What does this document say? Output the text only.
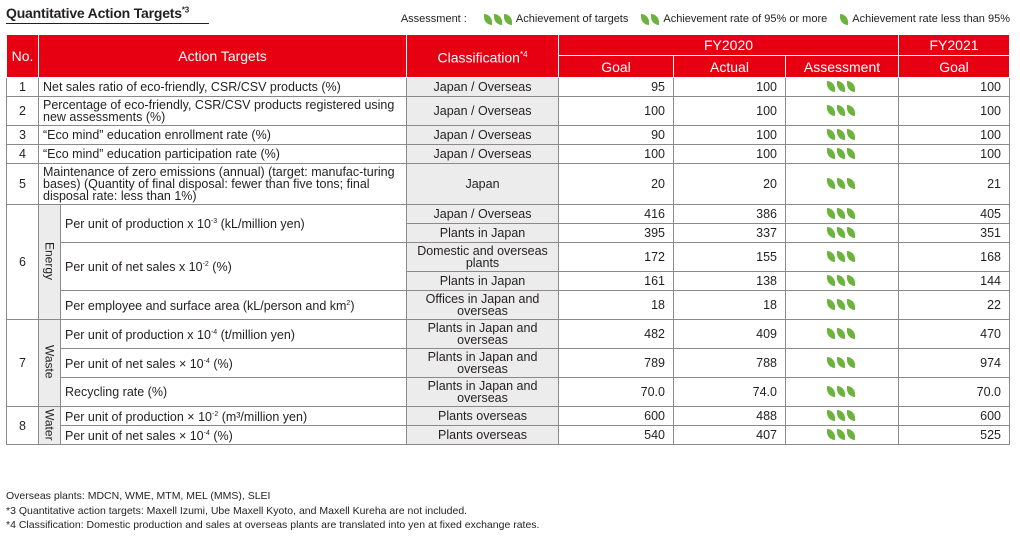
Quantitative Action Targets$^{*3}$
Assessment :	Achievement of targets	Achievement rate of 95% or more Achievement rate less than 95%
No.	Action Targets		Classification$^{*4}$	FY2020			FY2021
				Goal	Actual	Assessment	Goal
1	Net sales ratio of eco-friendly, CSR/CSV products (%)		Japan / Overseas	95	100		100
2	Percentage of eco-friendly, CSR/CSV products registered using new assessments (%)		Japan / Overseas	100	100		100
3	“Eco mind” education enrollment rate (%)		Japan / Overseas	90	100		100
4	“Eco mind” education participation rate (%)		Japan / Overseas	100	100		100
5	Maintenance of zero emissions (annual) (target: manufac-turing bases) (Quantity of final disposal: fewer than five tons; final disposal rate: less than 1%)		Japan	20	20		21
6	Energy	Per unit of production x $10^{-3}$ (kL/million yen)	Japan / Overseas	416	386		405
			Plants in Japan	395	337		351
		Per unit of net sales x $10^{-2}$ (%)	Domestic and overseas plants	172	155		168
			Plants in Japan	161	138		144
		Per employee and surface area (kL/person and $km^2$)	Offices in Japan and overseas	18	18		22
7	Waste	Per unit of production x $10^{-4}$ (t/million yen)	Plants in Japan and overseas	482	409		470
		Per unit of net sales × $10^{-4}$ (%)	Plants in Japan and overseas	789	788		974
		Recycling rate (%)	Plants in Japan and overseas	70.0	74.0		70.0
8	Water	Per unit of production × $10^{-2}$ (m³/million yen)	Plants overseas	600	488		600
		Per unit of net sales × $10^{-4}$ (%)	Plants overseas	540	407		525
Overseas plants: MDCN, WME, MTM, MEL (MMS), SLEI
*3 Quantitative action targets: Maxell Izumi, Ube Maxell Kyoto, and Maxell Kureha are not included.
*4 Classification: Domestic production and sales at overseas plants are translated into yen at fixed exchange rates.
